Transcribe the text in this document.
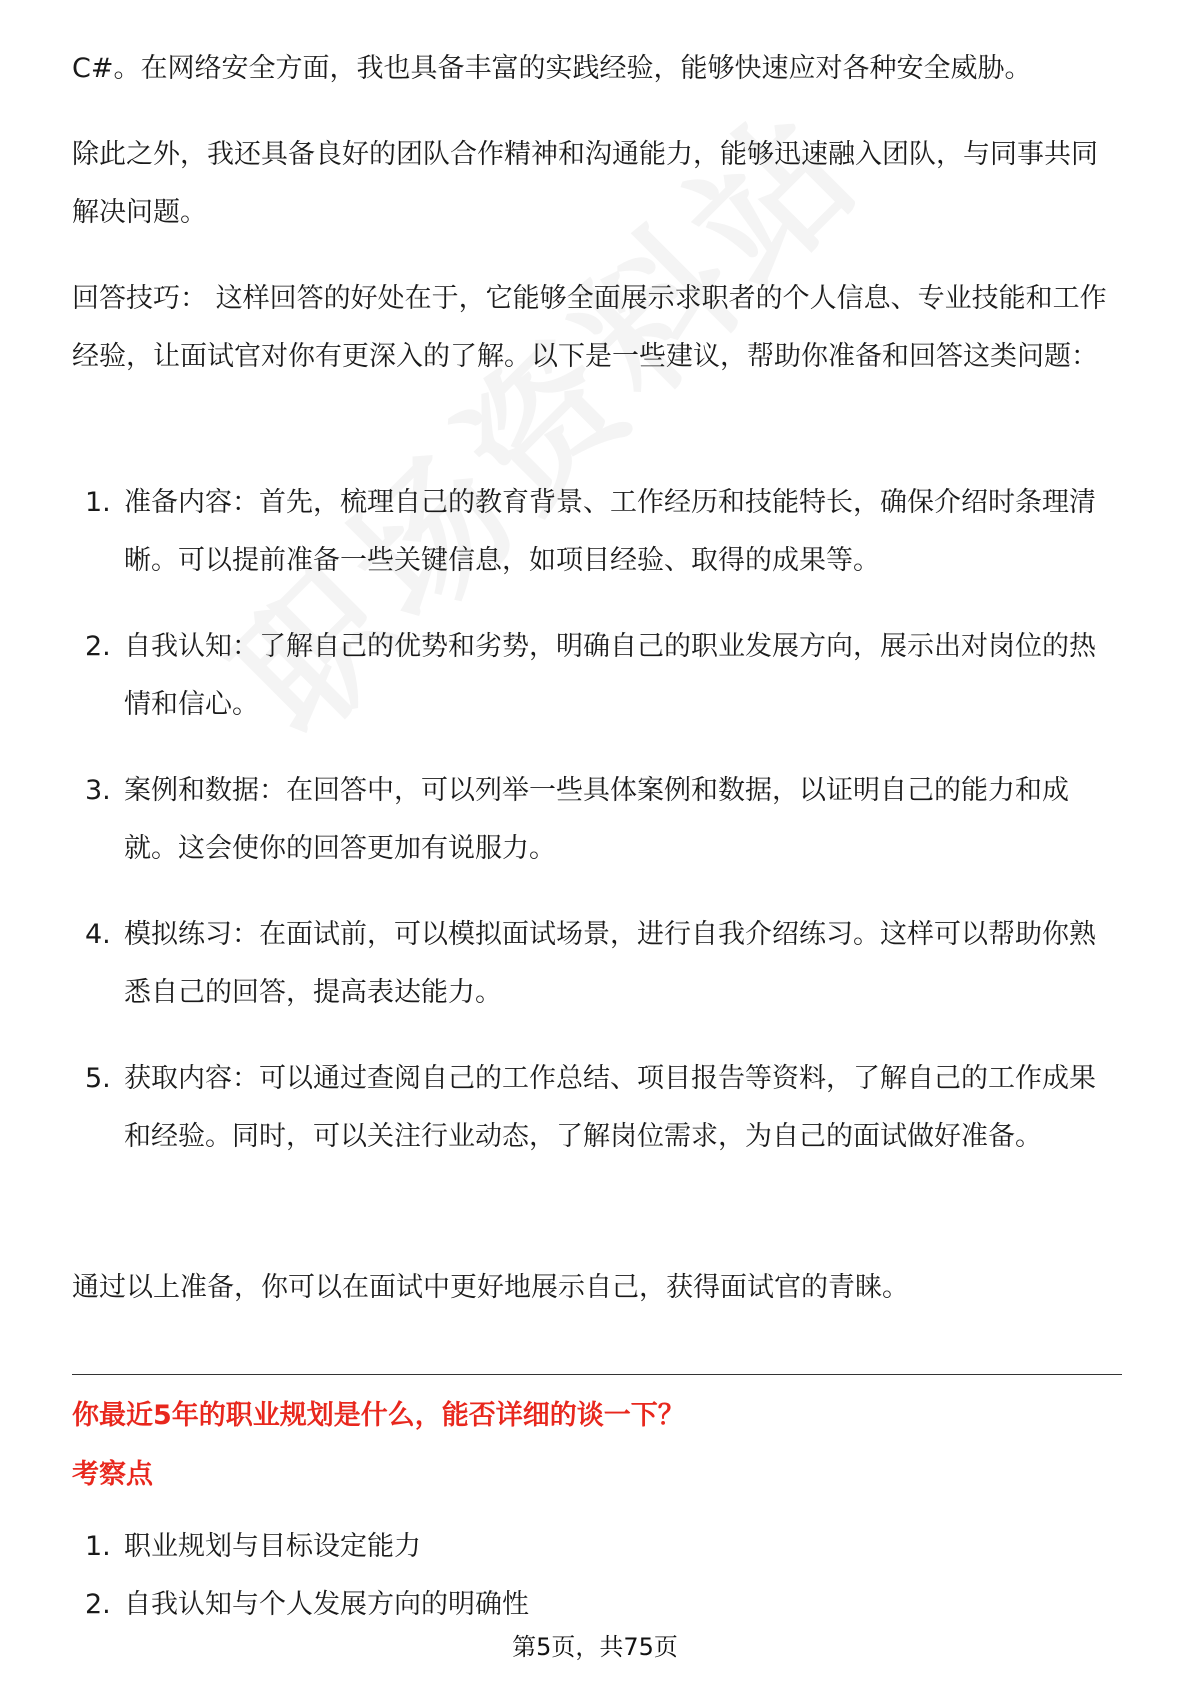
C#。在网络安全方面，我也具备丰富的实践经验，能够快速应对各种安全威胁。

除此之外，我还具备良好的团队合作精神和沟通能力，能够迅速融入团队，与同事共同解决问题。

回答技巧： 这样回答的好处在于，它能够全面展示求职者的个人信息、专业技能和工作经验，让面试官对你有更深入的了解。以下是一些建议，帮助你准备和回答这类问题：

1. 准备内容：首先，梳理自己的教育背景、工作经历和技能特长，确保介绍时条理清晰。可以提前准备一些关键信息，如项目经验、取得的成果等。
2. 自我认知：了解自己的优势和劣势，明确自己的职业发展方向，展示出对岗位的热情和信心。
3. 案例和数据：在回答中，可以列举一些具体案例和数据，以证明自己的能力和成就。这会使你的回答更加有说服力。
4. 模拟练习：在面试前，可以模拟面试场景，进行自我介绍练习。这样可以帮助你熟悉自己的回答，提高表达能力。
5. 获取内容：可以通过查阅自己的工作总结、项目报告等资料，了解自己的工作成果和经验。同时，可以关注行业动态，了解岗位需求，为自己的面试做好准备。

通过以上准备，你可以在面试中更好地展示自己，获得面试官的青睐。

你最近5年的职业规划是什么，能否详细的谈一下？
考察点
1. 职业规划与目标设定能力
2. 自我认知与个人发展方向的明确性
第5页，共75页
